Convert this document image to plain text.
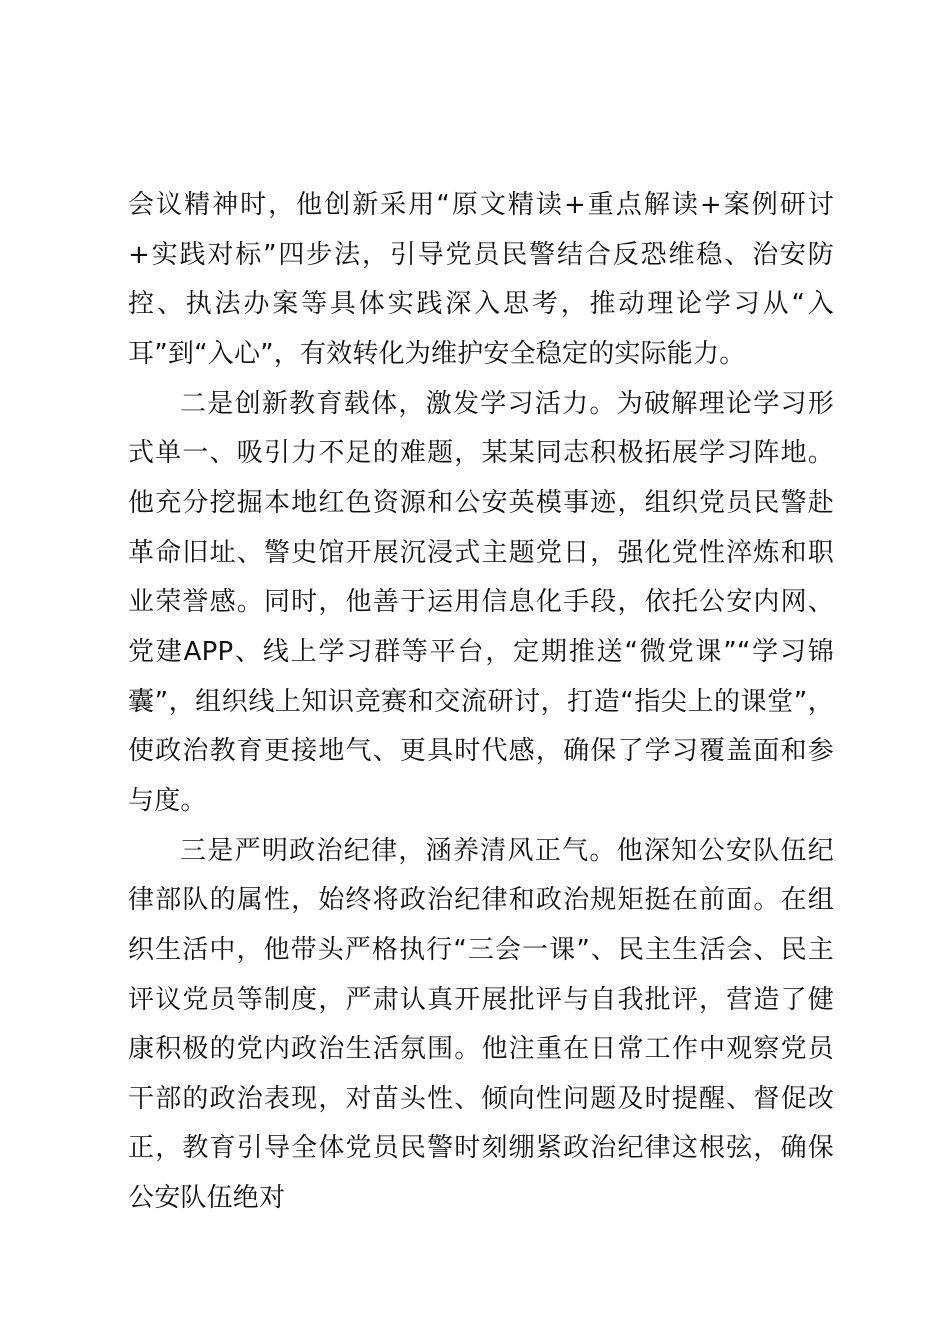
会议精神时，他创新采用“原文精读+重点解读+案例研讨+实践对标”四步法，引导党员民警结合反恐维稳、治安防控、执法办案等具体实践深入思考，推动理论学习从“入耳”到“入心”，有效转化为维护安全稳定的实际能力。

二是创新教育载体，激发学习活力。为破解理论学习形式单一、吸引力不足的难题，某某同志积极拓展学习阵地。他充分挖掘本地红色资源和公安英模事迹，组织党员民警赴革命旧址、警史馆开展沉浸式主题党日，强化党性淬炼和职业荣誉感。同时，他善于运用信息化手段，依托公安内网、党建APP、线上学习群等平台，定期推送“微党课”“学习锦囊”，组织线上知识竞赛和交流研讨，打造“指尖上的课堂”，使政治教育更接地气、更具时代感，确保了学习覆盖面和参与度。

三是严明政治纪律，涵养清风正气。他深知公安队伍纪律部队的属性，始终将政治纪律和政治规矩挺在前面。在组织生活中，他带头严格执行“三会一课”、民主生活会、民主评议党员等制度，严肃认真开展批评与自我批评，营造了健康积极的党内政治生活氛围。他注重在日常工作中观察党员干部的政治表现，对苗头性、倾向性问题及时提醒、督促改正，教育引导全体党员民警时刻绷紧政治纪律这根弦，确保公安队伍绝对
